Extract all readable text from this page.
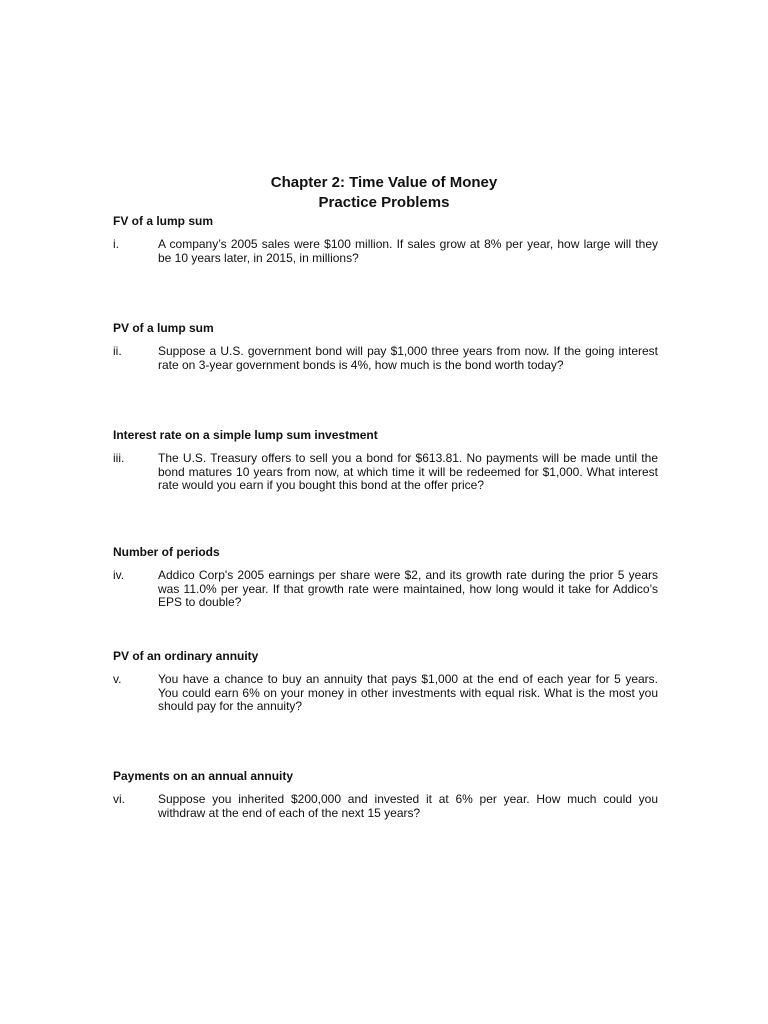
Chapter 2: Time Value of Money
Practice Problems
FV of a lump sum
i.	A company’s 2005 sales were $100 million. If sales grow at 8% per year, how large will they be 10 years later, in 2015, in millions?
PV of a lump sum
ii.	Suppose a U.S. government bond will pay $1,000 three years from now. If the going interest rate on 3-year government bonds is 4%, how much is the bond worth today?
Interest rate on a simple lump sum investment
iii.	The U.S. Treasury offers to sell you a bond for $613.81. No payments will be made until the bond matures 10 years from now, at which time it will be redeemed for $1,000. What interest rate would you earn if you bought this bond at the offer price?
Number of periods
iv.	Addico Corp's 2005 earnings per share were $2, and its growth rate during the prior 5 years was 11.0% per year. If that growth rate were maintained, how long would it take for Addico’s EPS to double?
PV of an ordinary annuity
v.	You have a chance to buy an annuity that pays $1,000 at the end of each year for 5 years. You could earn 6% on your money in other investments with equal risk. What is the most you should pay for the annuity?
Payments on an annual annuity
vi.	Suppose you inherited $200,000 and invested it at 6% per year. How much could you withdraw at the end of each of the next 15 years?
